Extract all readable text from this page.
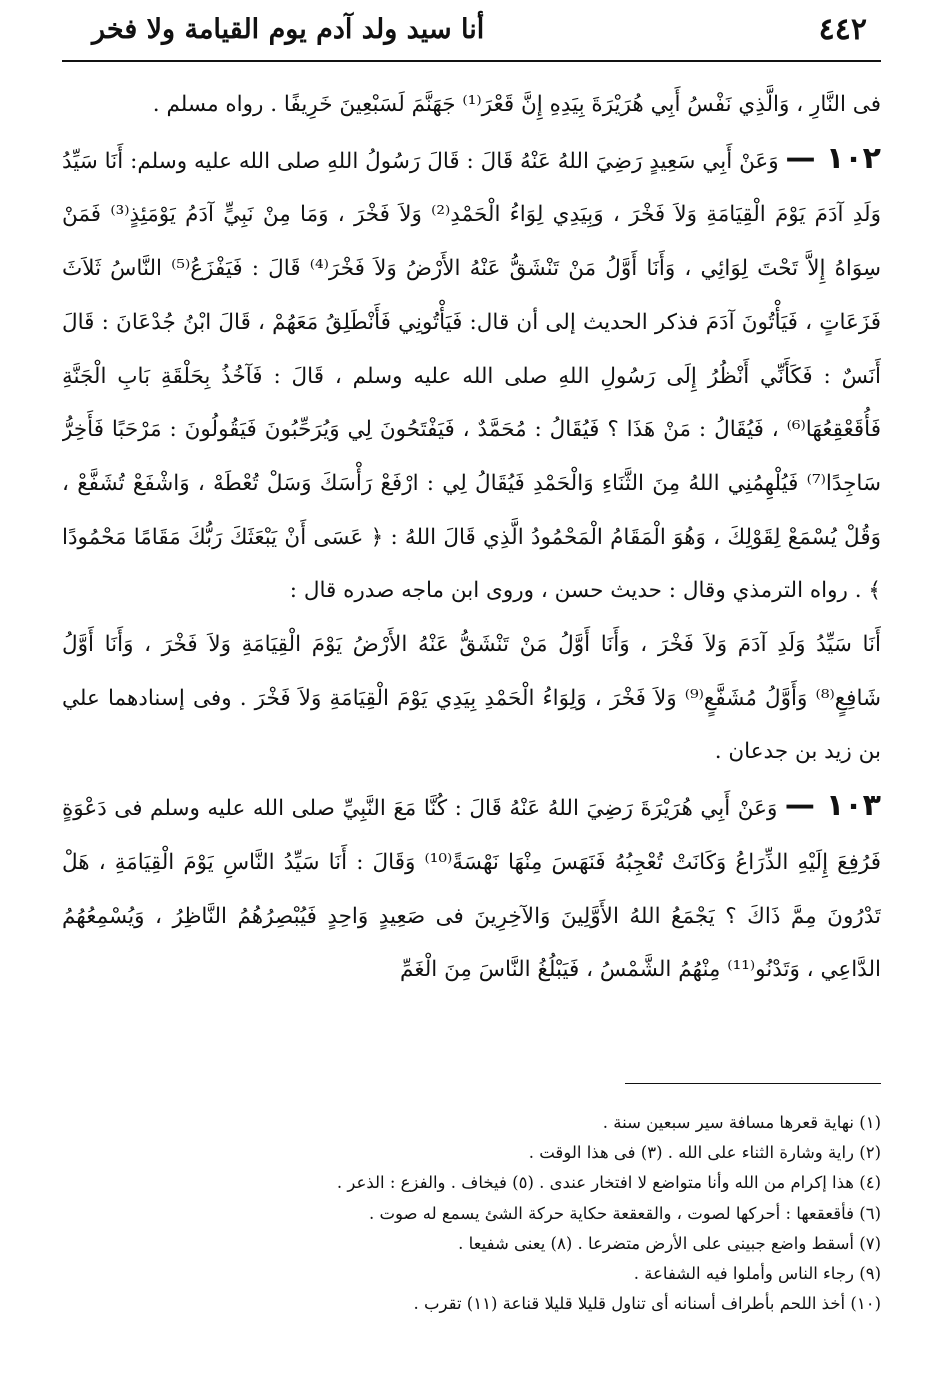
٤٤٢
أنا سيد ولد آدم يوم القيامة ولا فخر

فى النَّارِ ، وَالَّذِي نَفْسُ أَبِي هُرَيْرَةَ بِيَدِهِ إِنَّ قَعْرَ⁽¹⁾ جَهَنَّمَ لَسَبْعِينَ خَرِيفًا . رواه مسلم .

١٠٢ — وَعَنْ أَبِي سَعِيدٍ رَضِيَ اللهُ عَنْهُ قَالَ : قَالَ رَسُولُ اللهِ صلى الله عليه وسلم: أَنَا سَيِّدُ وَلَدِ آدَمَ يَوْمَ الْقِيَامَةِ وَلاَ فَخْرَ ، وَبِيَدِي لِوَاءُ الْحَمْدِ⁽²⁾ وَلاَ فَخْرَ ، وَمَا مِنْ نَبِيٍّ آدَمُ يَوْمَئِذٍ⁽³⁾ فَمَنْ سِوَاهُ إِلاَّ تَحْتَ لِوَائِي ، وَأَنَا أَوَّلُ مَنْ تَنْشَقُّ عَنْهُ الأَرْضُ وَلاَ فَخْرَ⁽⁴⁾ قَالَ : فَيَفْزَعُ⁽⁵⁾ النَّاسُ ثَلاَثَ فَزَعَاتٍ ، فَيَأْتُونَ آدَمَ فذكر الحديث إلى أن قال: فَيَأْتُونِي فَأَنْطَلِقُ مَعَهُمْ ، قَالَ ابْنُ جُدْعَانَ : قَالَ أَنَسٌ : فَكَأَنِّي أَنْظُرُ إِلَى رَسُولِ اللهِ صلى الله عليه وسلم ، قَالَ : فَآخُذُ بِحَلْقَةِ بَابِ الْجَنَّةِ فَأُقَعْقِعُهَا⁽⁶⁾ ، فَيُقَالُ : مَنْ هَذَا ؟ فَيُقَالُ : مُحَمَّدٌ ، فَيَفْتَحُونَ لِي وَيُرَحِّبُونَ فَيَقُولُونَ : مَرْحَبًا فَأَخِرُّ سَاجِدًا⁽⁷⁾ فَيُلْهِمُنِي اللهُ مِنَ الثَّنَاءِ وَالْحَمْدِ فَيُقَالُ لِي : ارْفَعْ رَأْسَكَ وَسَلْ تُعْطَهْ ، وَاشْفَعْ تُشَفَّعْ ، وَقُلْ يُسْمَعْ لِقَوْلِكَ ، وَهُوَ الْمَقَامُ الْمَحْمُودُ الَّذِي قَالَ اللهُ : ﴿ عَسَى أَنْ يَبْعَثَكَ رَبُّكَ مَقَامًا مَحْمُودًا ﴾ . رواه الترمذي وقال : حديث حسن ، وروى ابن ماجه صدره قال :

أَنَا سَيِّدُ وَلَدِ آدَمَ وَلاَ فَخْرَ ، وَأَنَا أَوَّلُ مَنْ تَنْشَقُّ عَنْهُ الأَرْضُ يَوْمَ الْقِيَامَةِ وَلاَ فَخْرَ ، وَأَنَا أَوَّلُ شَافِعٍ⁽⁸⁾ وَأَوَّلُ مُشَفَّعٍ⁽⁹⁾ وَلاَ فَخْرَ ، وَلِوَاءُ الْحَمْدِ بِيَدِي يَوْمَ الْقِيَامَةِ وَلاَ فَخْرَ . وفى إسنادهما علي بن زيد بن جدعان .

١٠٣ — وَعَنْ أَبِي هُرَيْرَةَ رَضِيَ اللهُ عَنْهُ قَالَ : كُنَّا مَعَ النَّبِيِّ صلى الله عليه وسلم فى دَعْوَةٍ فَرُفِعَ إِلَيْهِ الذِّرَاعُ وَكَانَتْ تُعْجِبُهُ فَنَهَسَ مِنْهَا نَهْسَةً⁽¹⁰⁾ وَقَالَ : أَنَا سَيِّدُ النَّاسِ يَوْمَ الْقِيَامَةِ ، هَلْ تَدْرُونَ مِمَّ ذَاكَ ؟ يَجْمَعُ اللهُ الأَوَّلِينَ وَالآخِرِينَ فى صَعِيدٍ وَاحِدٍ فَيُبْصِرُهُمُ النَّاظِرُ ، وَيُسْمِعُهُمُ الدَّاعِي ، وَتَدْنُو⁽¹¹⁾ مِنْهُمُ الشَّمْسُ ، فَيَبْلُغُ النَّاسَ مِنَ الْغَمِّ

(١) نهاية قعرها مسافة سير سبعين سنة .
(٢) راية وشارة الثناء على الله . (٣) فى هذا الوقت .
(٤) هذا إكرام من الله وأنا متواضع لا افتخار عندى . (٥) فيخاف . والفزع : الذعر .
(٦) فأقعقعها : أحركها لصوت ، والقعقعة حكاية حركة الشئ يسمع له صوت .
(٧) أسقط واضع جبينى على الأرض متضرعا . (٨) يعنى شفيعا .
(٩) رجاء الناس وأملوا فيه الشفاعة .
(١٠) أخذ اللحم بأطراف أسنانه أى تناول قليلا قليلا قناعة (١١) تقرب .
